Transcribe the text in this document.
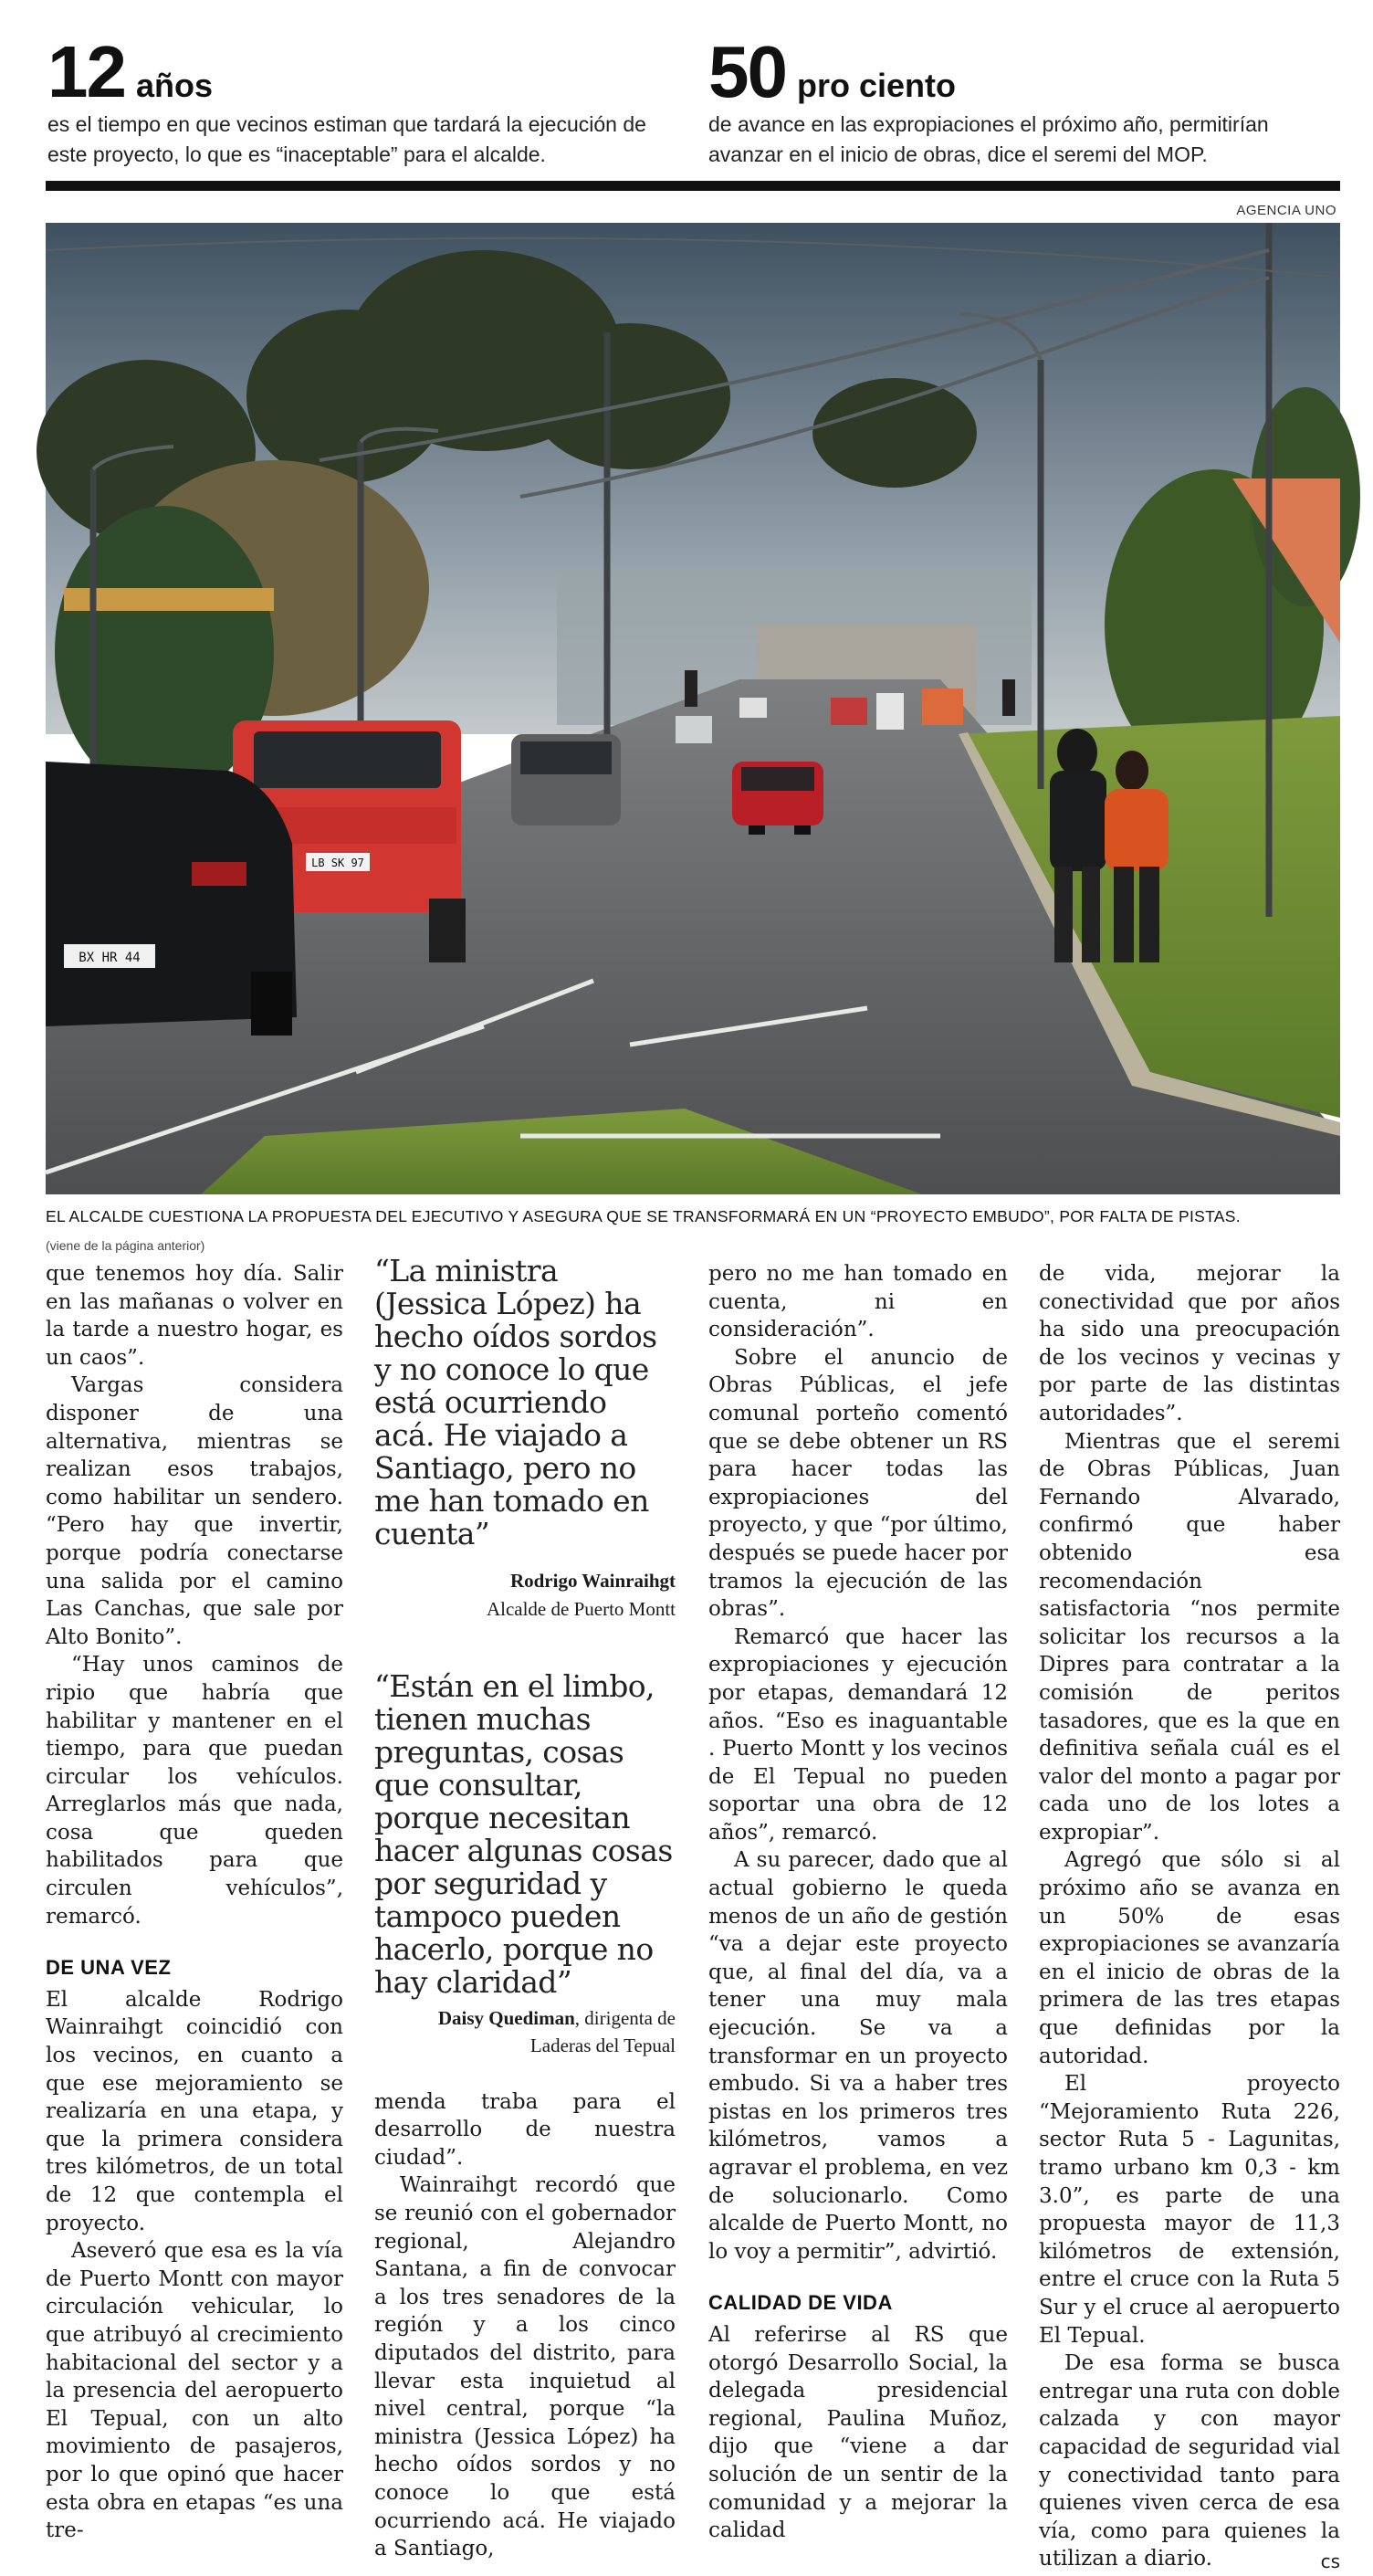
12 años
es el tiempo en que vecinos estiman que tardará la ejecución de este proyecto, lo que es “inaceptable” para el alcalde.
50 pro ciento
de avance en las expropiaciones el próximo año, permitirían avanzar en el inicio de obras, dice el seremi del MOP.
AGENCIA UNO
LB SK 97
BX HR 44
EL ALCALDE CUESTIONA LA PROPUESTA DEL EJECUTIVO Y ASEGURA QUE SE TRANSFORMARÁ EN UN “PROYECTO EMBUDO”, POR FALTA DE PISTAS.
(viene de la página anterior)

que tenemos hoy día. Salir en las mañanas o volver en la tarde a nuestro hogar, es un caos”.

Vargas considera disponer de una alternativa, mientras se realizan esos trabajos, como habilitar un sendero. “Pero hay que invertir, porque podría conectarse una salida por el camino Las Canchas, que sale por Alto Bonito”.

“Hay unos caminos de ripio que habría que habilitar y mantener en el tiempo, para que puedan circular los vehículos. Arreglarlos más que nada, cosa que queden habilitados para que circulen vehículos”, remarcó.

DE UNA VEZ

El alcalde Rodrigo Wainraihgt coincidió con los vecinos, en cuanto a que ese mejoramiento se realizaría en una etapa, y que la primera considera tres kilómetros, de un total de 12 que contempla el proyecto.

Aseveró que esa es la vía de Puerto Montt con mayor circulación vehicular, lo que atribuyó al crecimiento habitacional del sector y a la presencia del aeropuerto El Tepual, con un alto movimiento de pasajeros, por lo que opinó que hacer esta obra en etapas “es una tre-

“La ministra (Jessica López) ha hecho oídos sordos y no conoce lo que está ocurriendo acá. He viajado a Santiago, pero no me han tomado en cuenta”
Rodrigo Wainraihgt
Alcalde de Puerto Montt
“Están en el limbo, tienen muchas preguntas, cosas que consultar, porque necesitan hacer algunas cosas por seguridad y tampoco pueden hacerlo, porque no hay claridad”
Daisy Quediman, dirigenta de Laderas del Tepual

menda traba para el desarrollo de nuestra ciudad”.

Wainraihgt recordó que se reunió con el gobernador regional, Alejandro Santana, a fin de convocar a los tres senadores de la región y a los cinco diputados del distrito, para llevar esta inquietud al nivel central, porque “la ministra (Jessica López) ha hecho oídos sordos y no conoce lo que está ocurriendo acá. He viajado a Santiago,

pero no me han tomado en cuenta, ni en consideración”.

Sobre el anuncio de Obras Públicas, el jefe comunal porteño comentó que se debe obtener un RS para hacer todas las expropiaciones del proyecto, y que “por último, después se puede hacer por tramos la ejecución de las obras”.

Remarcó que hacer las expropiaciones y ejecución por etapas, demandará 12 años. “Eso es inaguantable . Puerto Montt y los vecinos de El Tepual no pueden soportar una obra de 12 años”, remarcó.

A su parecer, dado que al actual gobierno le queda menos de un año de gestión “va a dejar este proyecto que, al final del día, va a tener una muy mala ejecución. Se va a transformar en un proyecto embudo. Si va a haber tres pistas en los primeros tres kilómetros, vamos a agravar el problema, en vez de solucionarlo. Como alcalde de Puerto Montt, no lo voy a permitir”, advirtió.

CALIDAD DE VIDA

Al referirse al RS que otorgó Desarrollo Social, la delegada presidencial regional, Paulina Muñoz, dijo que “viene a dar solución de un sentir de la comunidad y a mejorar la calidad

de vida, mejorar la conectividad que por años ha sido una preocupación de los vecinos y vecinas y por parte de las distintas autoridades”.

Mientras que el seremi de Obras Públicas, Juan Fernando Alvarado, confirmó que haber obtenido esa recomendación satisfactoria “nos permite solicitar los recursos a la Dipres para contratar a la comisión de peritos tasadores, que es la que en definitiva señala cuál es el valor del monto a pagar por cada uno de los lotes a expropiar”.

Agregó que sólo si al próximo año se avanza en un 50% de esas expropiaciones se avanzaría en el inicio de obras de la primera de las tres etapas que definidas por la autoridad.

El proyecto “Mejoramiento Ruta 226, sector Ruta 5 - Lagunitas, tramo urbano km 0,3 - km 3.0”, es parte de una propuesta mayor de 11,3 kilómetros de extensión, entre el cruce con la Ruta 5 Sur y el cruce al aeropuerto El Tepual.

De esa forma se busca entregar una ruta con doble calzada y con mayor capacidad de seguridad vial y conectividad tanto para quienes viven cerca de esa vía, como para quienes la utilizan a diario.	cs
